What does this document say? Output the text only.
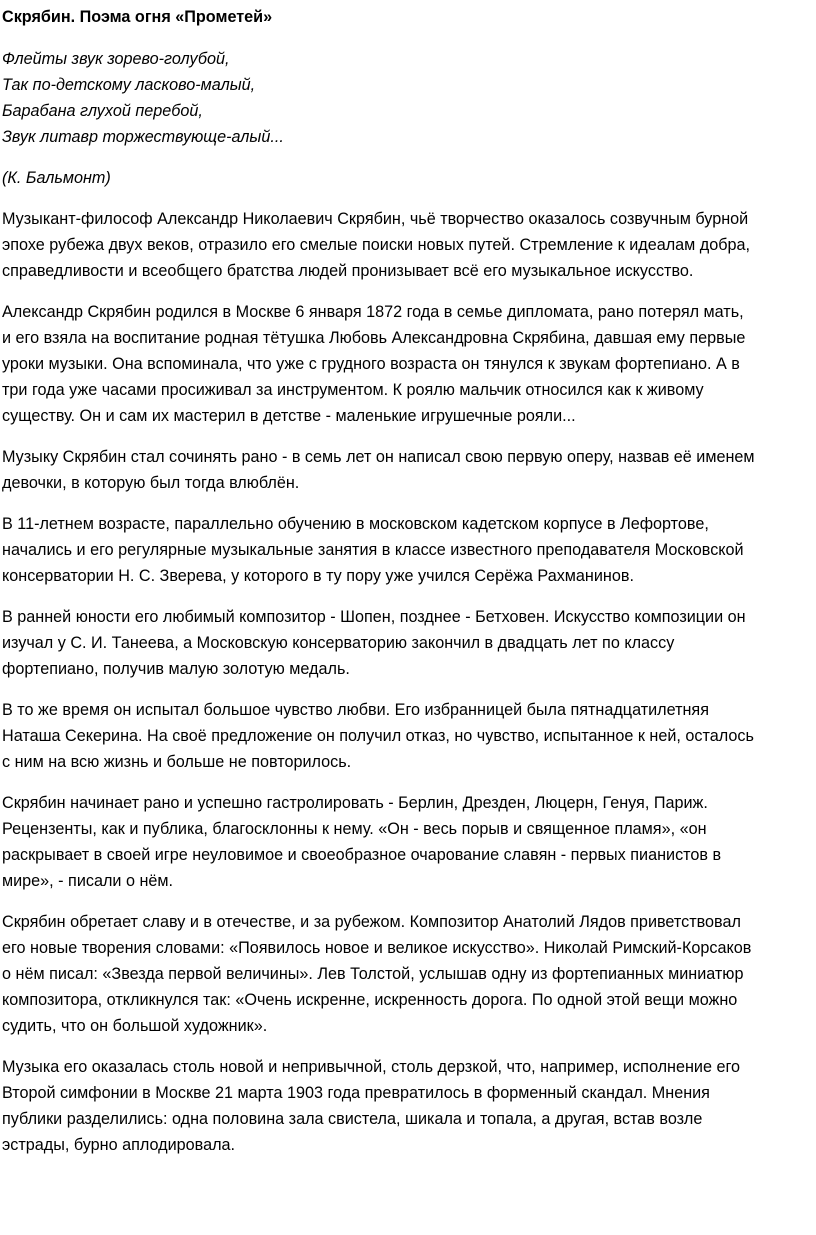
Скрябин. Поэма огня «Прометей»
Флейты звук зорево-голубой,
Так по-детскому ласково-малый,
Барабана глухой перебой,
Звук литавр торжествующе-алый...
(К. Бальмонт)

Музыкант-философ Александр Николаевич Скрябин, чьё творчество оказалось созвучным бурной
эпохе рубежа двух веков, отразило его смелые поиски новых путей. Стремление к идеалам добра,
справедливости и всеобщего братства людей пронизывает всё его музыкальное искусство.

Александр Скрябин родился в Москве 6 января 1872 года в семье дипломата, рано потерял мать,
и его взяла на воспитание родная тётушка Любовь Александровна Скрябина, давшая ему первые
уроки музыки. Она вспоминала, что уже с грудного возраста он тянулся к звукам фортепиано. А в
три года уже часами просиживал за инструментом. К роялю мальчик относился как к живому
существу. Он и сам их мастерил в детстве - маленькие игрушечные рояли...

Музыку Скрябин стал сочинять рано - в семь лет он написал свою первую оперу, назвав её именем
девочки, в которую был тогда влюблён.

В 11-летнем возрасте, параллельно обучению в московском кадетском корпусе в Лефортове,
начались и его регулярные музыкальные занятия в классе известного преподавателя Московской
консерватории Н. С. Зверева, у которого в ту пору уже учился Серёжа Рахманинов.

В ранней юности его любимый композитор - Шопен, позднее - Бетховен. Искусство композиции он
изучал у С. И. Танеева, а Московскую консерваторию закончил в двадцать лет по классу
фортепиано, получив малую золотую медаль.

В то же время он испытал большое чувство любви. Его избранницей была пятнадцатилетняя
Наташа Секерина. На своё предложение он получил отказ, но чувство, испытанное к ней, осталось
с ним на всю жизнь и больше не повторилось.

Скрябин начинает рано и успешно гастролировать - Берлин, Дрезден, Люцерн, Генуя, Париж.
Рецензенты, как и публика, благосклонны к нему. «Он - весь порыв и священное пламя», «он
раскрывает в своей игре неуловимое и своеобразное очарование славян - первых пианистов в
мире», - писали о нём.

Скрябин обретает славу и в отечестве, и за рубежом. Композитор Анатолий Лядов приветствовал
его новые творения словами: «Появилось новое и великое искусство». Николай Римский-Корсаков
о нём писал: «Звезда первой величины». Лев Толстой, услышав одну из фортепианных миниатюр
композитора, откликнулся так: «Очень искренне, искренность дорога. По одной этой вещи можно
судить, что он большой художник».

Музыка его оказалась столь новой и непривычной, столь дерзкой, что, например, исполнение его
Второй симфонии в Москве 21 марта 1903 года превратилось в форменный скандал. Мнения
публики разделились: одна половина зала свистела, шикала и топала, а другая, встав возле
эстрады, бурно аплодировала.
